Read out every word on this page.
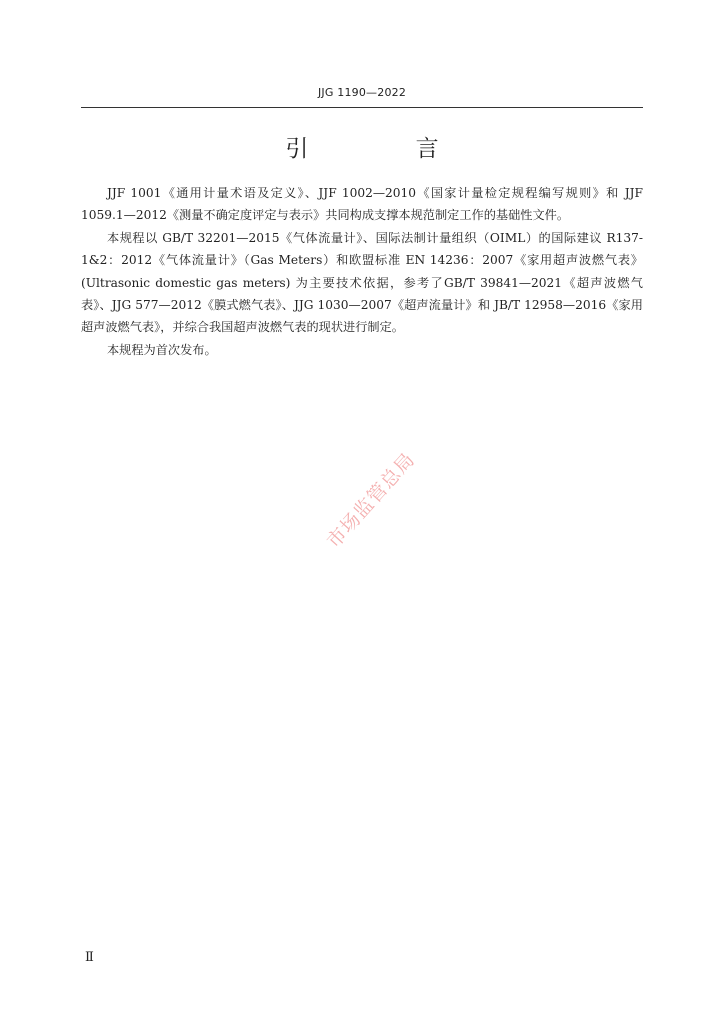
JJG 1190—2022
引 言

JJF 1001《通用计量术语及定义》、JJF 1002—2010《国家计量检定规程编写规则》和 JJF 1059.1—2012《测量不确定度评定与表示》共同构成支撑本规范制定工作的基础性文件。

本规程以 GB/T 32201—2015《气体流量计》、国际法制计量组织（OIML）的国际建议 R137-1&2：2012《气体流量计》（Gas Meters）和欧盟标准 EN 14236：2007《家用超声波燃气表》(Ultrasonic domestic gas meters) 为主要技术依据，参考了GB/T 39841—2021《超声波燃气表》、JJG 577—2012《膜式燃气表》、JJG 1030—2007《超声流量计》和 JB/T 12958—2016《家用超声波燃气表》，并综合我国超声波燃气表的现状进行制定。

本规程为首次发布。

市场监管总局
Ⅱ
